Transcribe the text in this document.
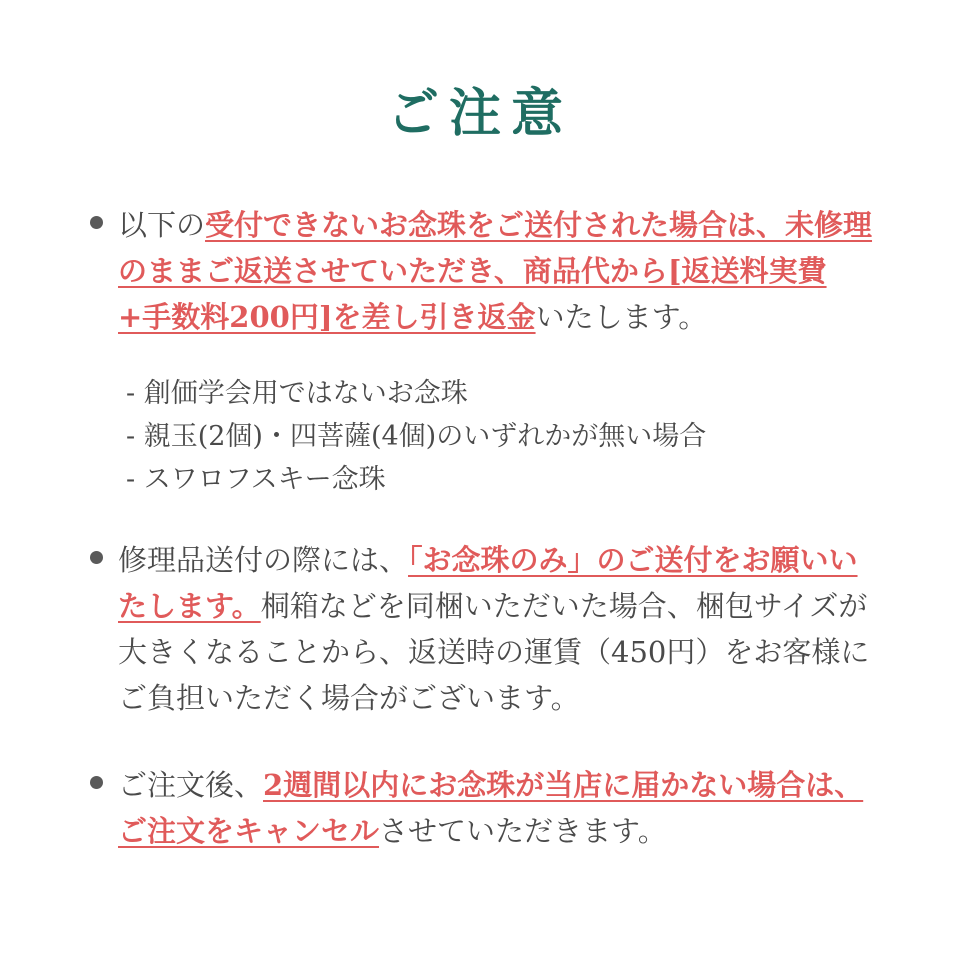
ご注意

以下の受付できないお念珠をご送付された場合は、未修理のままご返送させていただき、商品代から[返送料実費+手数料200円]を差し引き返金いたします。

- 創価学会用ではないお念珠
- 親玉(2個)・四菩薩(4個)のいずれかが無い場合
- スワロフスキー念珠

修理品送付の際には、「お念珠のみ」のご送付をお願いいたします。桐箱などを同梱いただいた場合、梱包サイズが大きくなることから、返送時の運賃（450円）をお客様にご負担いただく場合がございます。

ご注文後、2週間以内にお念珠が当店に届かない場合は、ご注文をキャンセルさせていただきます。
